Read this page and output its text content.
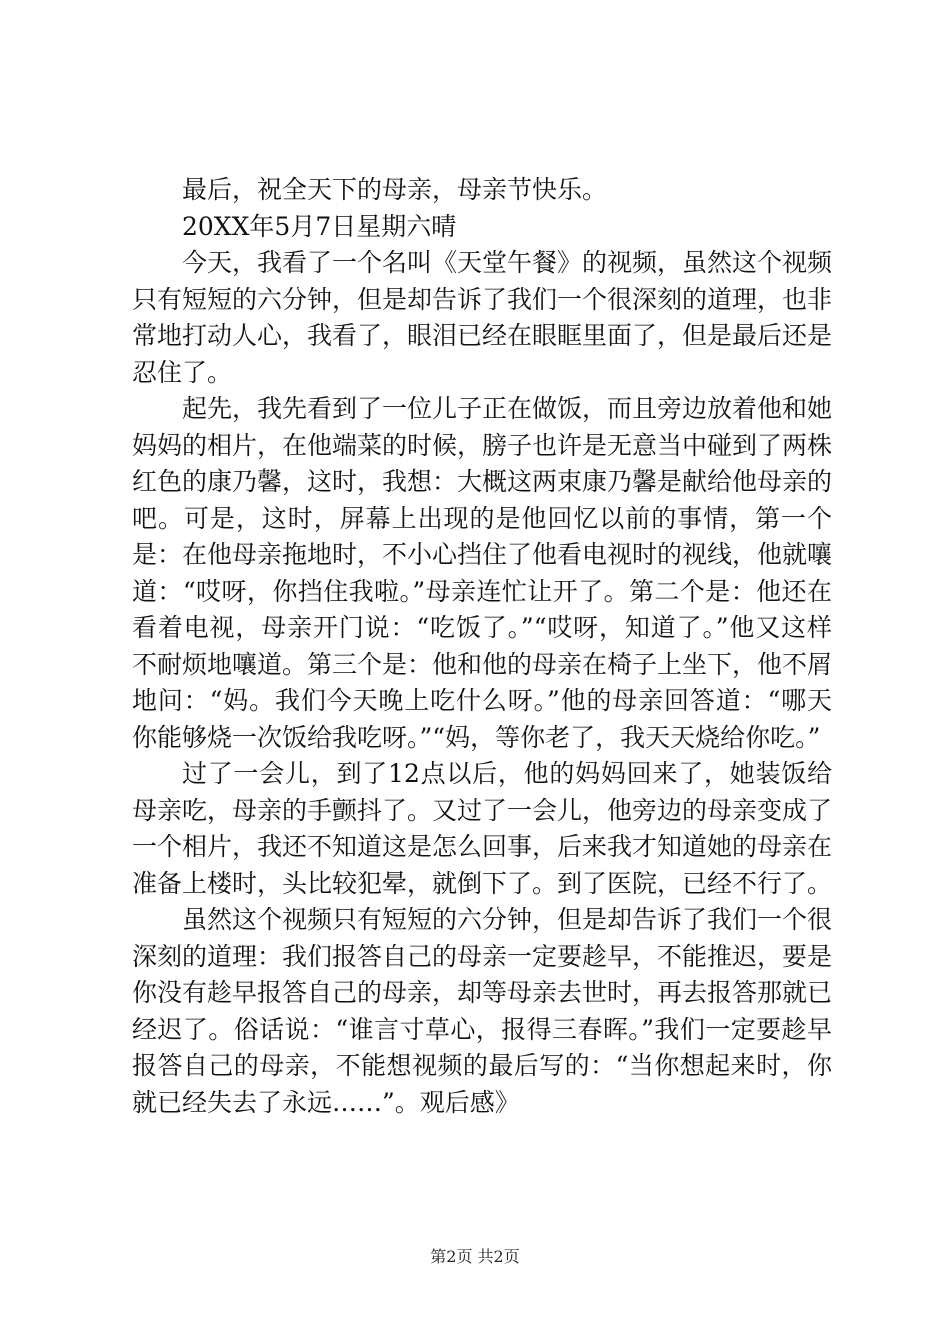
最后，祝全天下的母亲，母亲节快乐。

20XX年5月7日星期六晴

今天，我看了一个名叫《天堂午餐》的视频，虽然这个视频只有短短的六分钟，但是却告诉了我们一个很深刻的道理，也非常地打动人心，我看了，眼泪已经在眼眶里面了，但是最后还是忍住了。

起先，我先看到了一位儿子正在做饭，而且旁边放着他和她妈妈的相片，在他端菜的时候，膀子也许是无意当中碰到了两株红色的康乃馨，这时，我想：大概这两束康乃馨是献给他母亲的吧。可是，这时，屏幕上出现的是他回忆以前的事情，第一个是：在他母亲拖地时，不小心挡住了他看电视时的视线，他就嚷道：“哎呀，你挡住我啦。”母亲连忙让开了。第二个是：他还在看着电视，母亲开门说：“吃饭了。”“哎呀，知道了。”他又这样不耐烦地嚷道。第三个是：他和他的母亲在椅子上坐下，他不屑地问：“妈。我们今天晚上吃什么呀。”他的母亲回答道：“哪天你能够烧一次饭给我吃呀。”“妈，等你老了，我天天烧给你吃。”

过了一会儿，到了12点以后，他的妈妈回来了，她装饭给母亲吃，母亲的手颤抖了。又过了一会儿，他旁边的母亲变成了一个相片，我还不知道这是怎么回事，后来我才知道她的母亲在准备上楼时，头比较犯晕，就倒下了。到了医院，已经不行了。

虽然这个视频只有短短的六分钟，但是却告诉了我们一个很深刻的道理：我们报答自己的母亲一定要趁早，不能推迟，要是你没有趁早报答自己的母亲，却等母亲去世时，再去报答那就已经迟了。俗话说：“谁言寸草心，报得三春晖。”我们一定要趁早报答自己的母亲，不能想视频的最后写的：“当你想起来时，你就已经失去了永远……”。观后感》

第2页 共2页
